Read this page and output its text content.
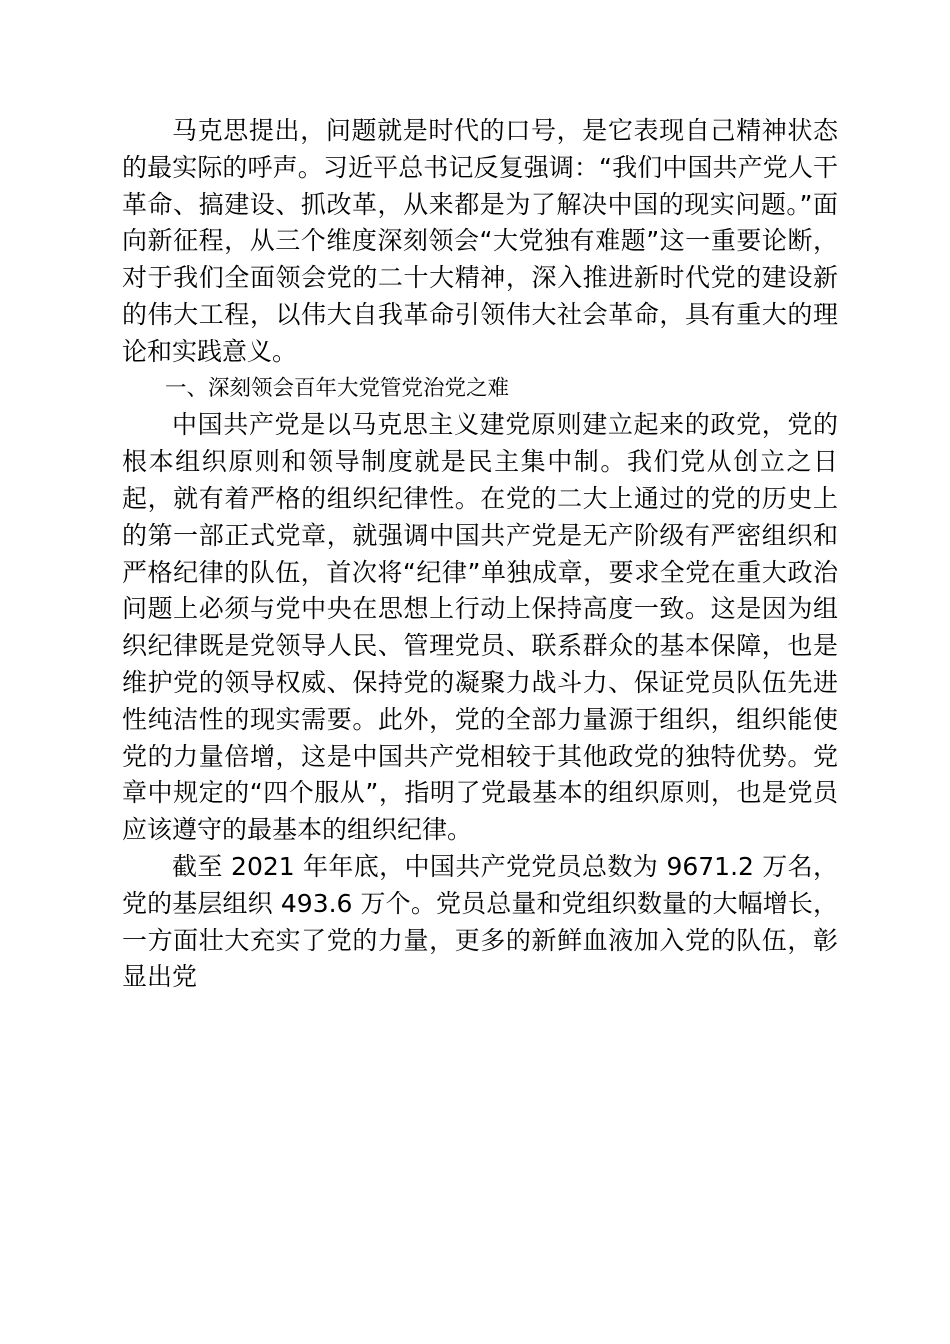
马克思提出，问题就是时代的口号，是它表现自己精神状态的最实际的呼声。习近平总书记反复强调：“我们中国共产党人干革命、搞建设、抓改革，从来都是为了解决中国的现实问题。”面向新征程，从三个维度深刻领会“大党独有难题”这一重要论断，对于我们全面领会党的二十大精神，深入推进新时代党的建设新的伟大工程，以伟大自我革命引领伟大社会革命，具有重大的理论和实践意义。

一、深刻领会百年大党管党治党之难

中国共产党是以马克思主义建党原则建立起来的政党，党的根本组织原则和领导制度就是民主集中制。我们党从创立之日起，就有着严格的组织纪律性。在党的二大上通过的党的历史上的第一部正式党章，就强调中国共产党是无产阶级有严密组织和严格纪律的队伍，首次将“纪律”单独成章，要求全党在重大政治问题上必须与党中央在思想上行动上保持高度一致。这是因为组织纪律既是党领导人民、管理党员、联系群众的基本保障，也是维护党的领导权威、保持党的凝聚力战斗力、保证党员队伍先进性纯洁性的现实需要。此外，党的全部力量源于组织，组织能使党的力量倍增，这是中国共产党相较于其他政党的独特优势。党章中规定的“四个服从”，指明了党最基本的组织原则，也是党员应该遵守的最基本的组织纪律。

截至 2021 年年底，中国共产党党员总数为 9671.2 万名，党的基层组织 493.6 万个。党员总量和党组织数量的大幅增长，一方面壮大充实了党的力量，更多的新鲜血液加入党的队伍，彰显出党
